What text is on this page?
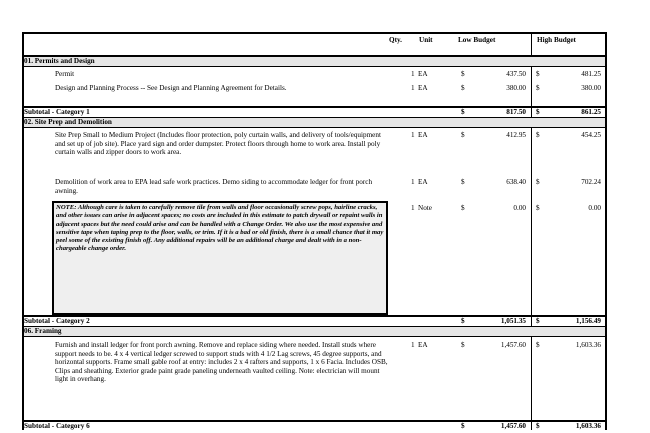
Qty. Unit	Low Budget	High Budget
01. Permits and Design
Permit	1 EA	$	437.50 $	481.25
Design and Planning Process -- See Design and Planning Agreement for Details.	1 EA	$	380.00 $	380.00
Subtotal - Category 1	$	817.50 $	861.25
02. Site Prep and Demolition
Site Prep Small to Medium Project (Includes floor protection, poly curtain walls, and delivery of tools/equipment and set up of job site). Place yard sign and order dumpster. Protect floors through home to work area. Install poly curtain walls and zipper doors to work area.
1 EA	$	412.95 $	454.25
Demolition of work area to EPA lead safe work practices. Demo siding to accommodate ledger for front porch awning.
1 EA	$	638.40 $	702.24
NOTE: Although care is taken to carefully remove tile from walls and floor occasionally screw pops, hairline cracks, and other issues can arise in adjacent spaces; no costs are included in this estimate to patch drywall or repaint walls in adjacent spaces but the need could arise and can be handled with a Change Order. We also use the most expensive and sensitive tape when taping prep to the floor, walls, or trim. If it is a bad or old finish, there is a small chance that it may peel some of the existing finish off. Any additional repairs will be an additional charge and dealt with in a non-chargeable change order.
1 Note	$	0.00 $	0.00
Subtotal - Category 2	$	1,051.35 $	1,156.49
06. Framing
Furnish and install ledger for front porch awning. Remove and replace siding where needed. Install studs where support needs to be. 4 x 4 vertical ledger screwed to support studs with 4 1/2 Lag screws, 45 degree supports, and horizontal supports. Frame small gable roof at entry: includes 2 x 4 rafters and supports, 1 x 6 Facia. Includes OSB, Clips and sheathing. Exterior grade paint grade paneling underneath vaulted ceiling. Note: electrician will mount light in overhang.
1 EA	$	1,457.60 $	1,603.36
Subtotal - Category 6	$	1,457.60 $	1,603.36
